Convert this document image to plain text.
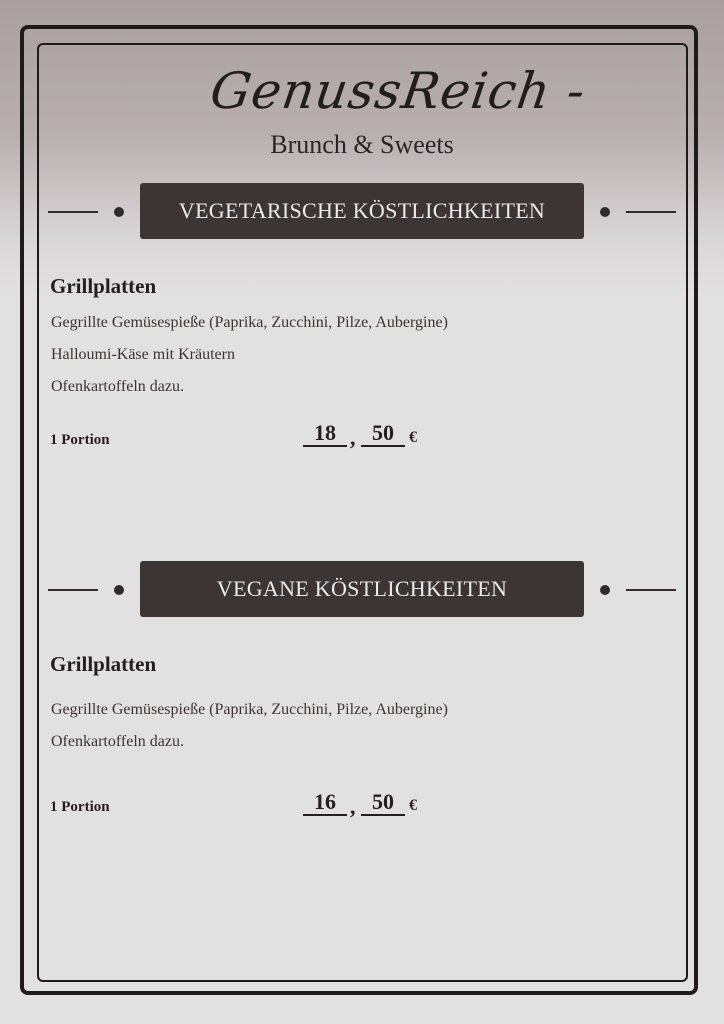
GenussReich -
Brunch & Sweets
VEGETARISCHE KÖSTLICHKEITEN
Grillplatten
Gegrillte Gemüsespieße (Paprika, Zucchini, Pilze, Aubergine)
Halloumi-Käse mit Kräutern
Ofenkartoffeln dazu.
1 Portion	18 , 50 €
VEGANE KÖSTLICHKEITEN
Grillplatten
Gegrillte Gemüsespieße (Paprika, Zucchini, Pilze, Aubergine)
Ofenkartoffeln dazu.
1 Portion	16 , 50 €
